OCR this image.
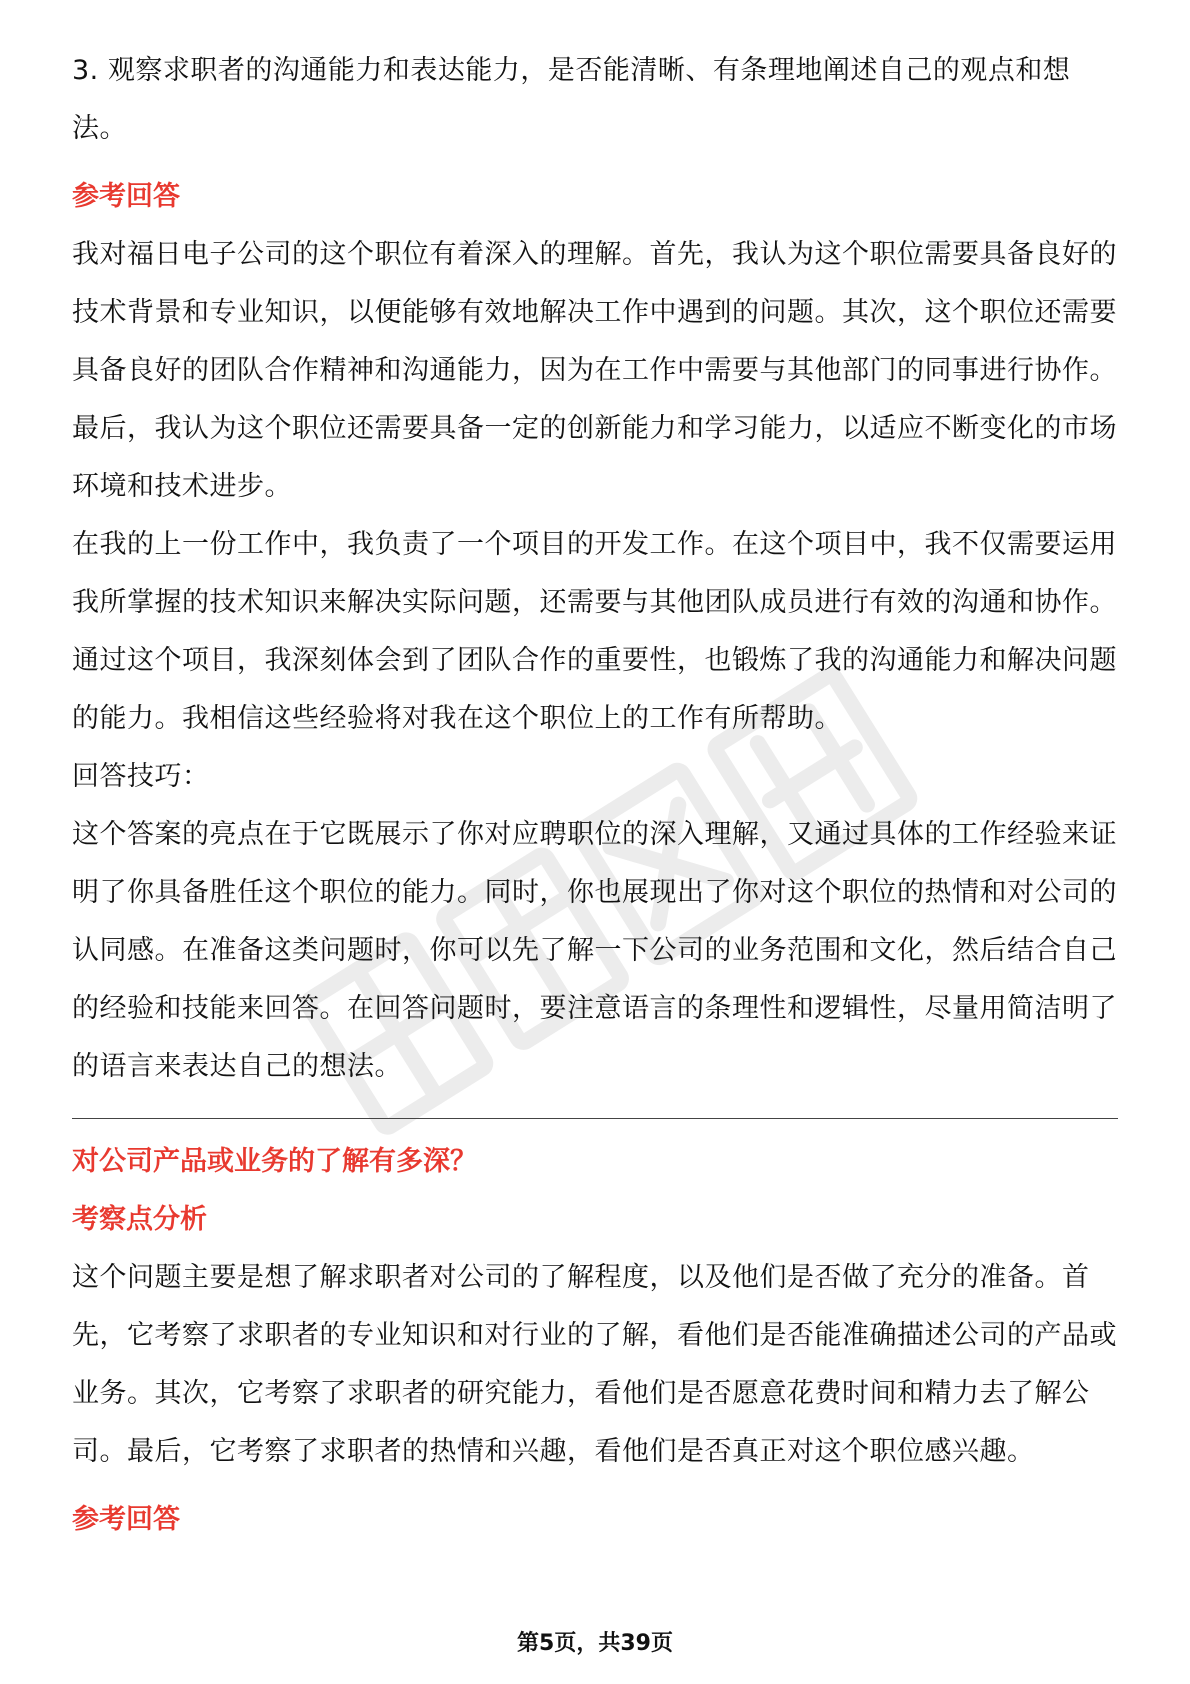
3. 观察求职者的沟通能力和表达能力，是否能清晰、有条理地阐述自己的观点和想法。

参考回答

我对福日电子公司的这个职位有着深入的理解。首先，我认为这个职位需要具备良好的技术背景和专业知识，以便能够有效地解决工作中遇到的问题。其次，这个职位还需要具备良好的团队合作精神和沟通能力，因为在工作中需要与其他部门的同事进行协作。最后，我认为这个职位还需要具备一定的创新能力和学习能力，以适应不断变化的市场环境和技术进步。

在我的上一份工作中，我负责了一个项目的开发工作。在这个项目中，我不仅需要运用我所掌握的技术知识来解决实际问题，还需要与其他团队成员进行有效的沟通和协作。通过这个项目，我深刻体会到了团队合作的重要性，也锻炼了我的沟通能力和解决问题的能力。我相信这些经验将对我在这个职位上的工作有所帮助。

回答技巧：

这个答案的亮点在于它既展示了你对应聘职位的深入理解，又通过具体的工作经验来证明了你具备胜任这个职位的能力。同时，你也展现出了你对这个职位的热情和对公司的认同感。在准备这类问题时，你可以先了解一下公司的业务范围和文化，然后结合自己的经验和技能来回答。在回答问题时，要注意语言的条理性和逻辑性，尽量用简洁明了的语言来表达自己的想法。

对公司产品或业务的了解有多深？

考察点分析

这个问题主要是想了解求职者对公司的了解程度，以及他们是否做了充分的准备。首先，它考察了求职者的专业知识和对行业的了解，看他们是否能准确描述公司的产品或业务。其次，它考察了求职者的研究能力，看他们是否愿意花费时间和精力去了解公司。最后，它考察了求职者的热情和兴趣，看他们是否真正对这个职位感兴趣。

参考回答

第5页，共39页
